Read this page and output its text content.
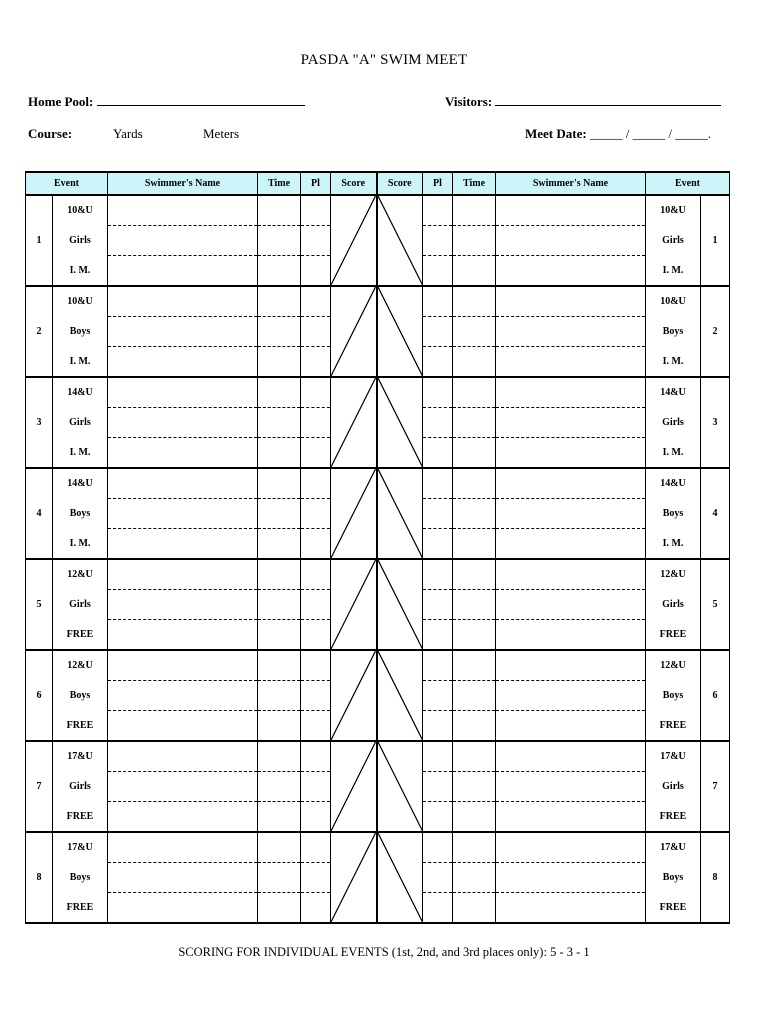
PASDA "A" SWIM MEET
Home Pool:	Visitors:
Course:	Yards	Meters	Meet Date: _____ / _____ / _____.
Event		Swimmer's Name	Time	Pl	Score	Score	Pl	Time	Swimmer's Name	Event	
1	10&U
Girls
I. M.									10&U
Girls
I. M.	1
2	10&U
Boys
I. M.									10&U
Boys
I. M.	2
3	14&U
Girls
I. M.									14&U
Girls
I. M.	3
4	14&U
Boys
I. M.									14&U
Boys
I. M.	4
5	12&U
Girls
FREE									12&U
Girls
FREE	5
6	12&U
Boys
FREE									12&U
Boys
FREE	6
7	17&U
Girls
FREE									17&U
Girls
FREE	7
8	17&U
Boys
FREE									17&U
Boys
FREE	8
SCORING FOR INDIVIDUAL EVENTS (1st, 2nd, and 3rd places only): 5 - 3 - 1
